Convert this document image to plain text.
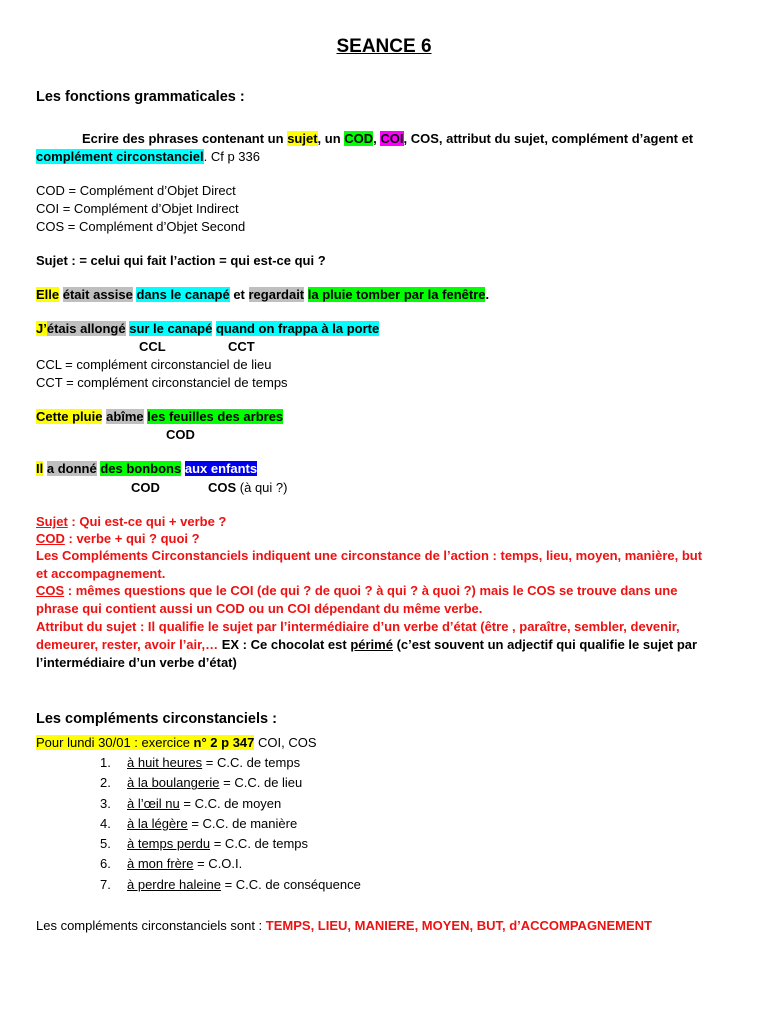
SEANCE 6
Les fonctions grammaticales :
Ecrire des phrases contenant un sujet, un COD, COI, COS, attribut du sujet, complément d’agent et
complément circonstanciel. Cf p 336
COD = Complément d’Objet Direct
COI = Complément d’Objet Indirect
COS = Complément d’Objet Second
Sujet : = celui qui fait l’action = qui est-ce qui ?
Elle était assise dans le canapé et regardait la pluie tomber par la fenêtre.
J’étais allongé sur le canapé quand on frappa à la porte
CCL	CCT
CCL = complément circonstanciel de lieu
CCT = complément circonstanciel de temps
Cette pluie abîme les feuilles des arbres
COD
Il a donné des bonbons aux enfants
COD	COS (à qui ?)
Sujet : Qui est-ce qui + verbe ?
COD : verbe + qui ? quoi ?
Les Compléments Circonstanciels indiquent une circonstance de l’action : temps, lieu, moyen, manière, but
et accompagnement.
COS : mêmes questions que le COI (de qui ? de quoi ? à qui ? à quoi ?) mais le COS se trouve dans une
phrase qui contient aussi un COD ou un COI dépendant du même verbe.
Attribut du sujet : Il qualifie le sujet par l’intermédiaire d’un verbe d’état (être , paraître, sembler, devenir,
demeurer, rester, avoir l’air,… EX : Ce chocolat est périmé (c’est souvent un adjectif qui qualifie le sujet par
l’intermédiaire d’un verbe d’état)
Les compléments circonstanciels :
Pour lundi 30/01 : exercice n° 2 p 347 COI, COS
1. à huit heures = C.C. de temps
2. à la boulangerie = C.C. de lieu
3. à l’œil nu = C.C. de moyen
4. à la légère = C.C. de manière
5. à temps perdu = C.C. de temps
6. à mon frère = C.O.I.
7. à perdre haleine = C.C. de conséquence
Les compléments circonstanciels sont : TEMPS, LIEU, MANIERE, MOYEN, BUT, d’ACCOMPAGNEMENT
